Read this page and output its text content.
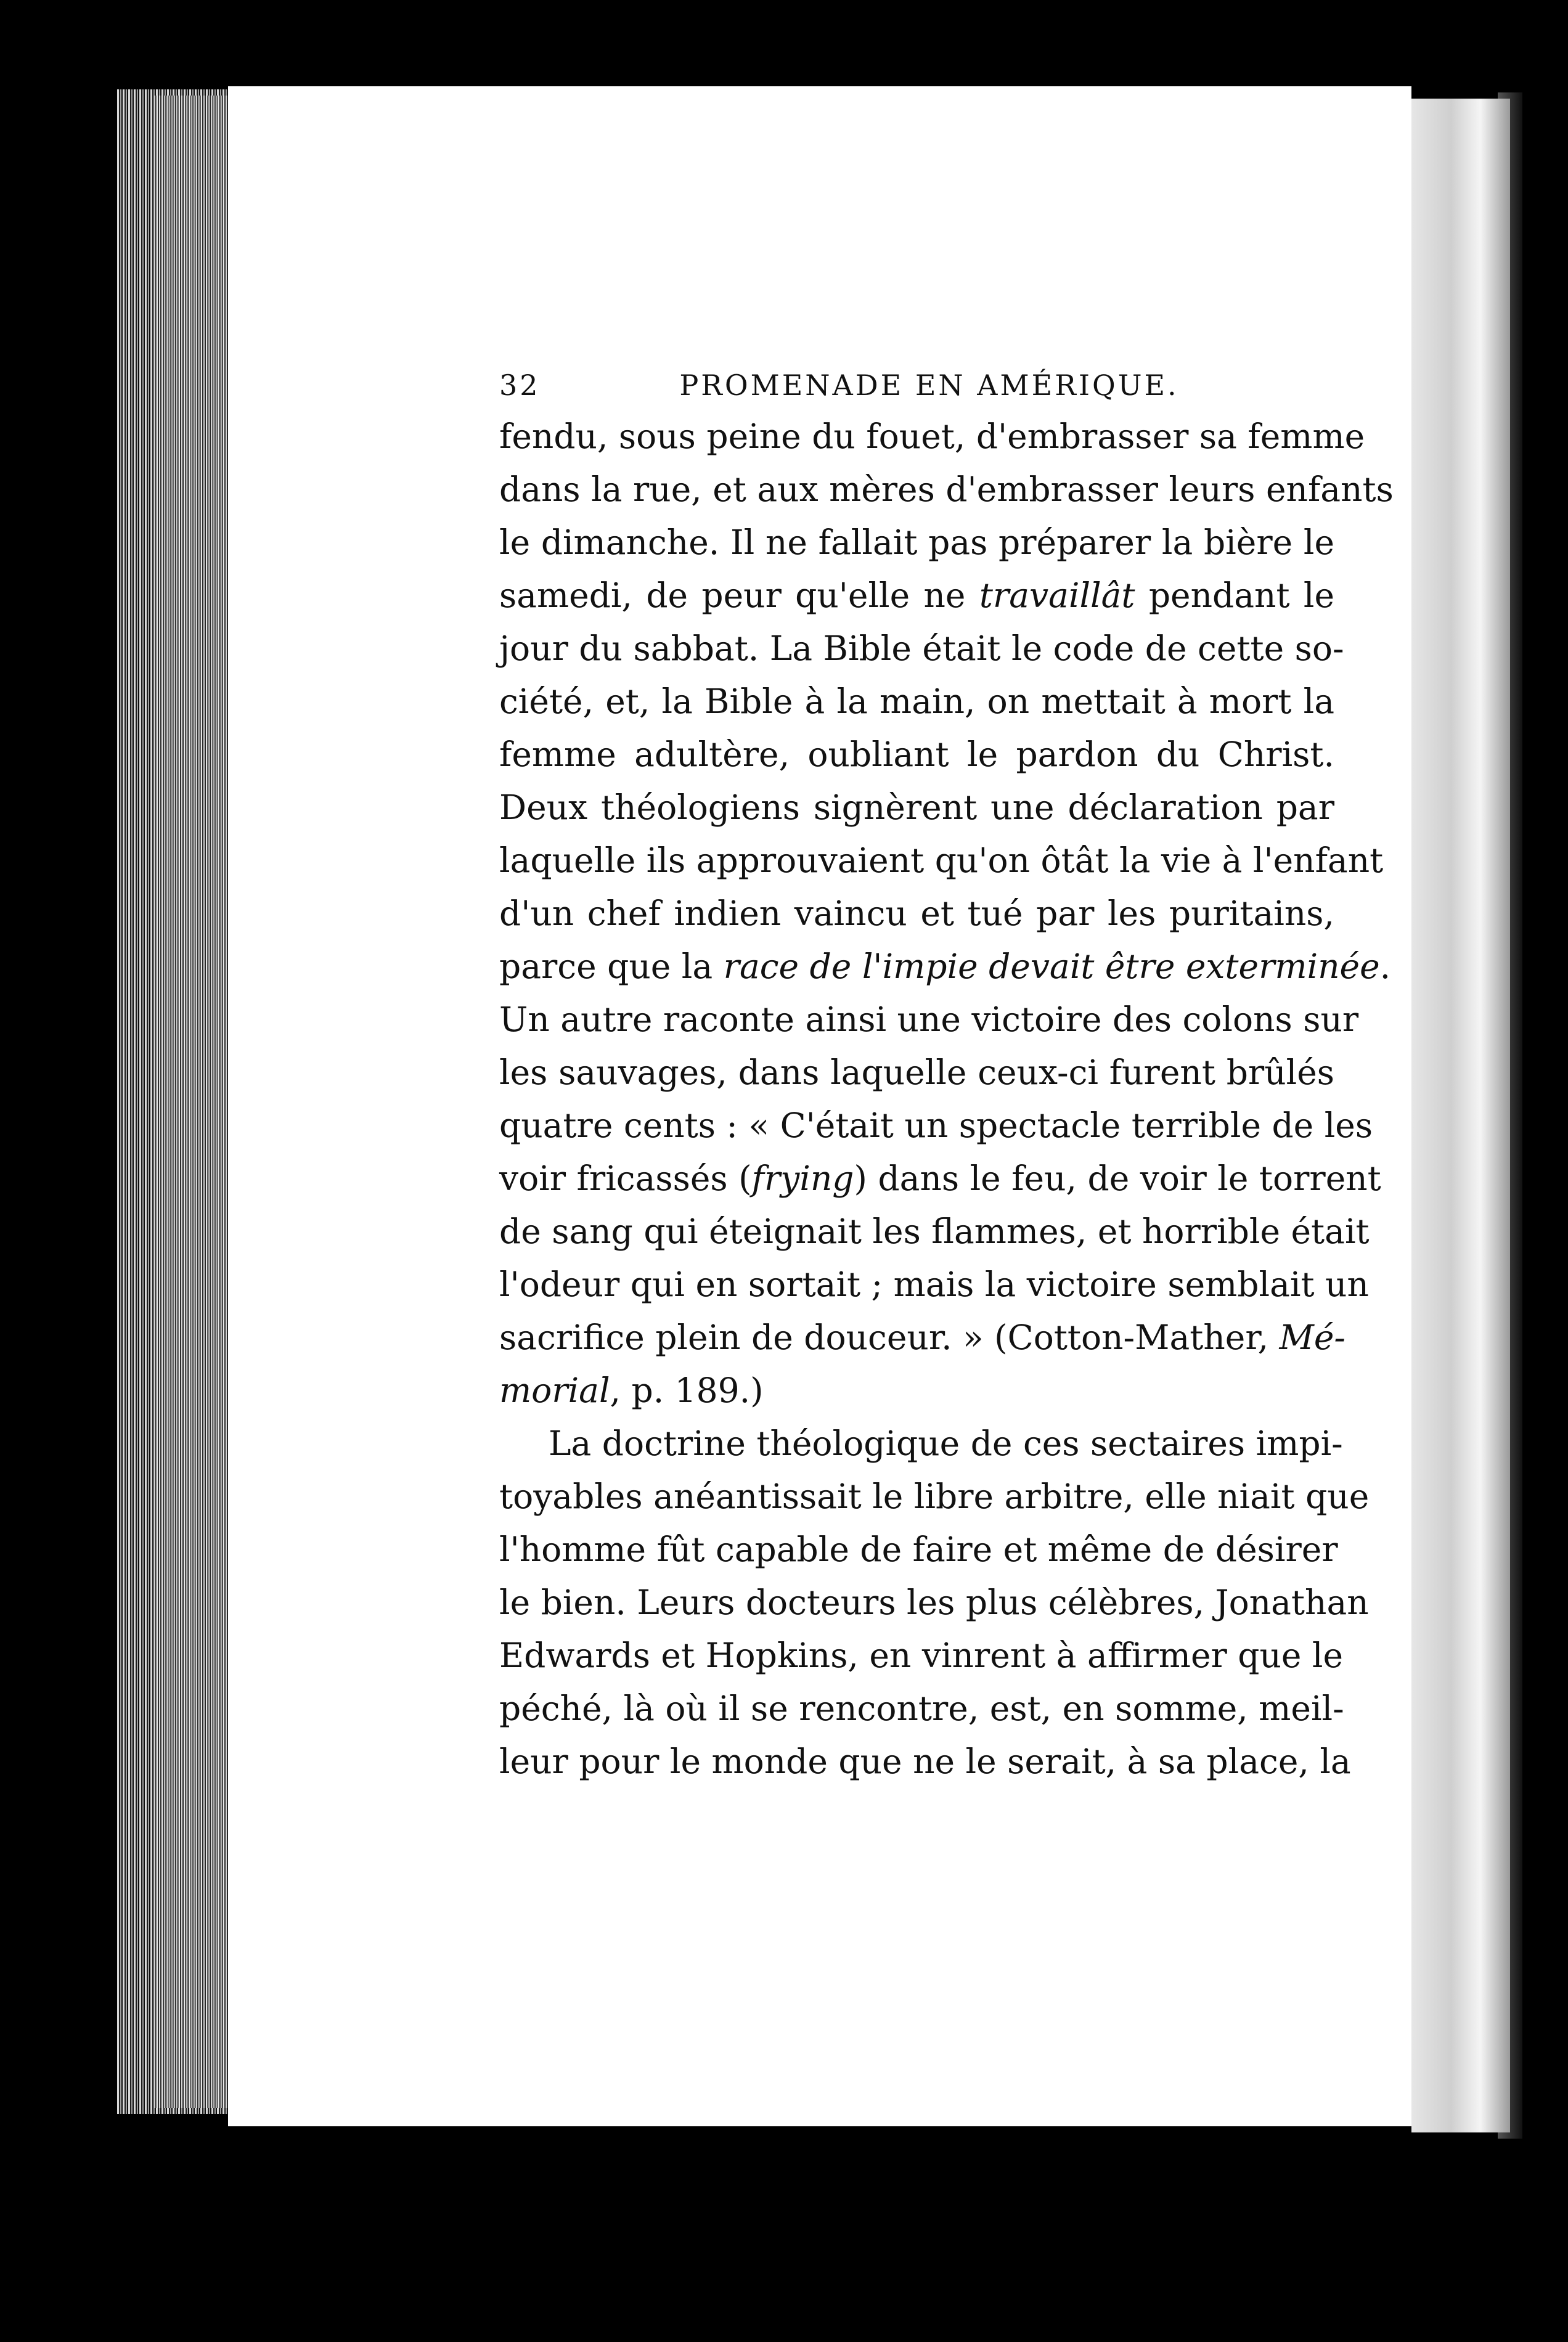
32	PROMENADE EN AMÉRIQUE.
fendu, sous peine du fouet, d'embrasser sa femme
dans la rue, et aux mères d'embrasser leurs enfants
le dimanche. Il ne fallait pas préparer la bière le
samedi, de peur qu'elle ne travaillât pendant le
jour du sabbat. La Bible était le code de cette so-
ciété, et, la Bible à la main, on mettait à mort la
femme adultère, oubliant le pardon du Christ.
Deux théologiens signèrent une déclaration par
laquelle ils approuvaient qu'on ôtât la vie à l'enfant
d'un chef indien vaincu et tué par les puritains,
parce que la race de l'impie devait être exterminée.
Un autre raconte ainsi une victoire des colons sur
les sauvages, dans laquelle ceux-ci furent brûlés
quatre cents : « C'était un spectacle terrible de les
voir fricassés (frying) dans le feu, de voir le torrent
de sang qui éteignait les flammes, et horrible était
l'odeur qui en sortait ; mais la victoire semblait un
sacrifice plein de douceur. » (Cotton-Mather, Mé-
morial, p. 189.)
La doctrine théologique de ces sectaires impi-
toyables anéantissait le libre arbitre, elle niait que
l'homme fût capable de faire et même de désirer
le bien. Leurs docteurs les plus célèbres, Jonathan
Edwards et Hopkins, en vinrent à affirmer que le
péché, là où il se rencontre, est, en somme, meil-
leur pour le monde que ne le serait, à sa place, la
